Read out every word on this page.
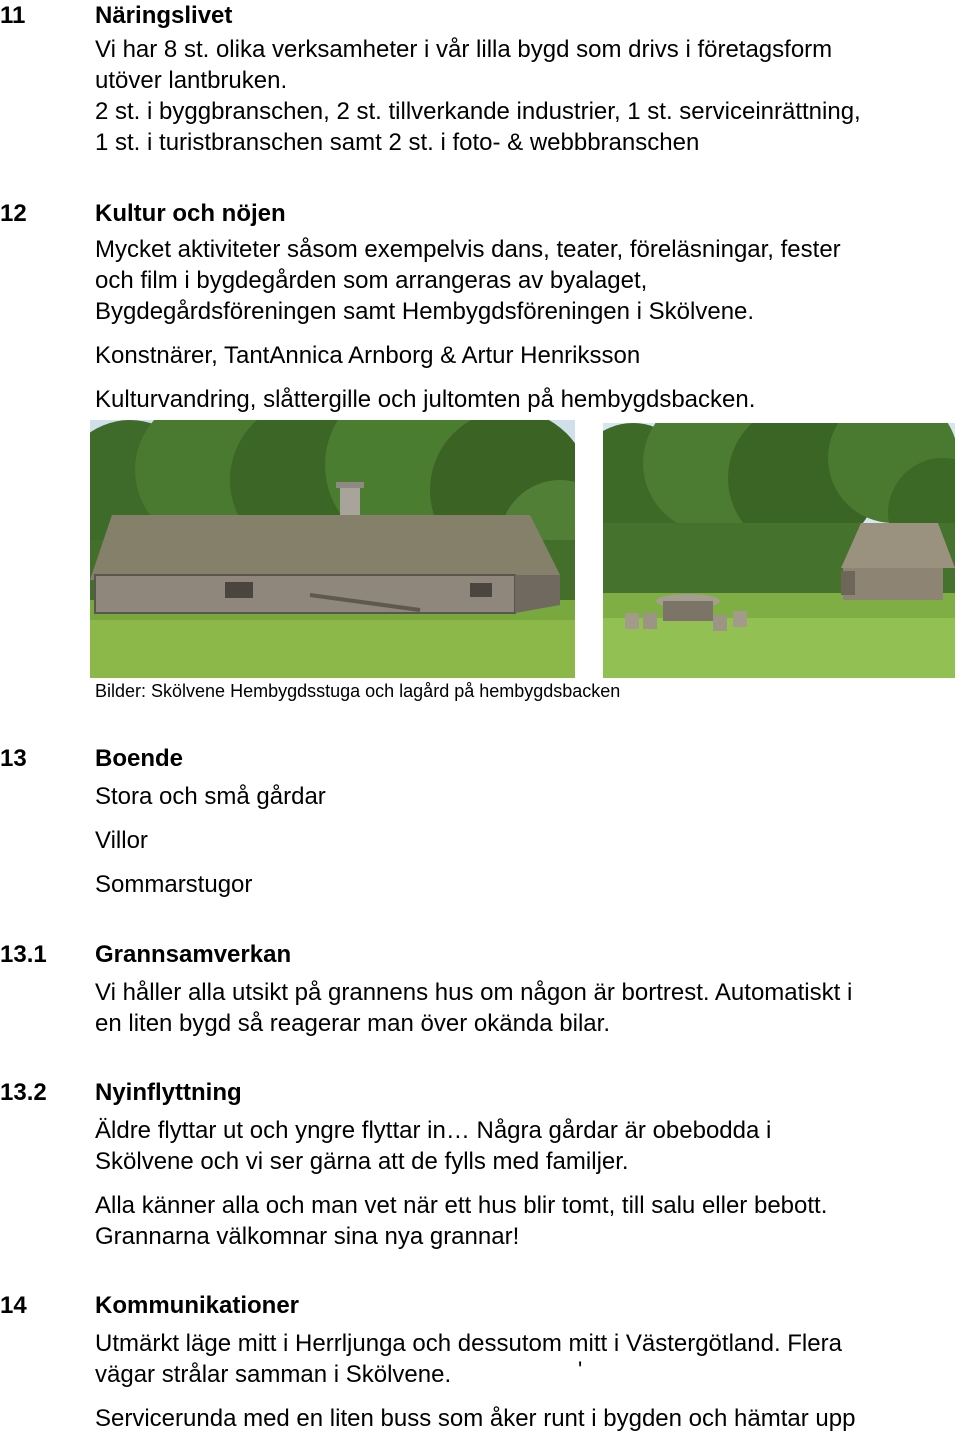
11	Näringslivet
Vi har 8 st. olika verksamheter i vår lilla bygd som drivs i företagsform
utöver lantbruken.
2 st. i byggbranschen, 2 st. tillverkande industrier, 1 st. serviceinrättning,
1 st. i turistbranschen samt 2 st. i foto- & webbbranschen
12	Kultur och nöjen
Mycket aktiviteter såsom exempelvis dans, teater, föreläsningar, fester
och film i bygdegården som arrangeras av byalaget,
Bygdegårdsföreningen samt Hembygdsföreningen i Skölvene.
Konstnärer, TantAnnica Arnborg & Artur Henriksson
Kulturvandring, slåttergille och jultomten på hembygdsbacken.
Bilder: Skölvene Hembygdsstuga och lagård på hembygdsbacken
13	Boende
Stora och små gårdar
Villor
Sommarstugor
13.1 Grannsamverkan
Vi håller alla utsikt på grannens hus om någon är bortrest. Automatiskt i
en liten bygd så reagerar man över okända bilar.
13.2 Nyinflyttning
Äldre flyttar ut och yngre flyttar in… Några gårdar är obebodda i
Skölvene och vi ser gärna att de fylls med familjer.
Alla känner alla och man vet när ett hus blir tomt, till salu eller bebott.
Grannarna välkomnar sina nya grannar!
14	Kommunikationer
Utmärkt läge mitt i Herrljunga och dessutom mitt i Västergötland. Flera
vägar strålar samman i Skölvene.	'
Servicerunda med en liten buss som åker runt i bygden och hämtar upp
